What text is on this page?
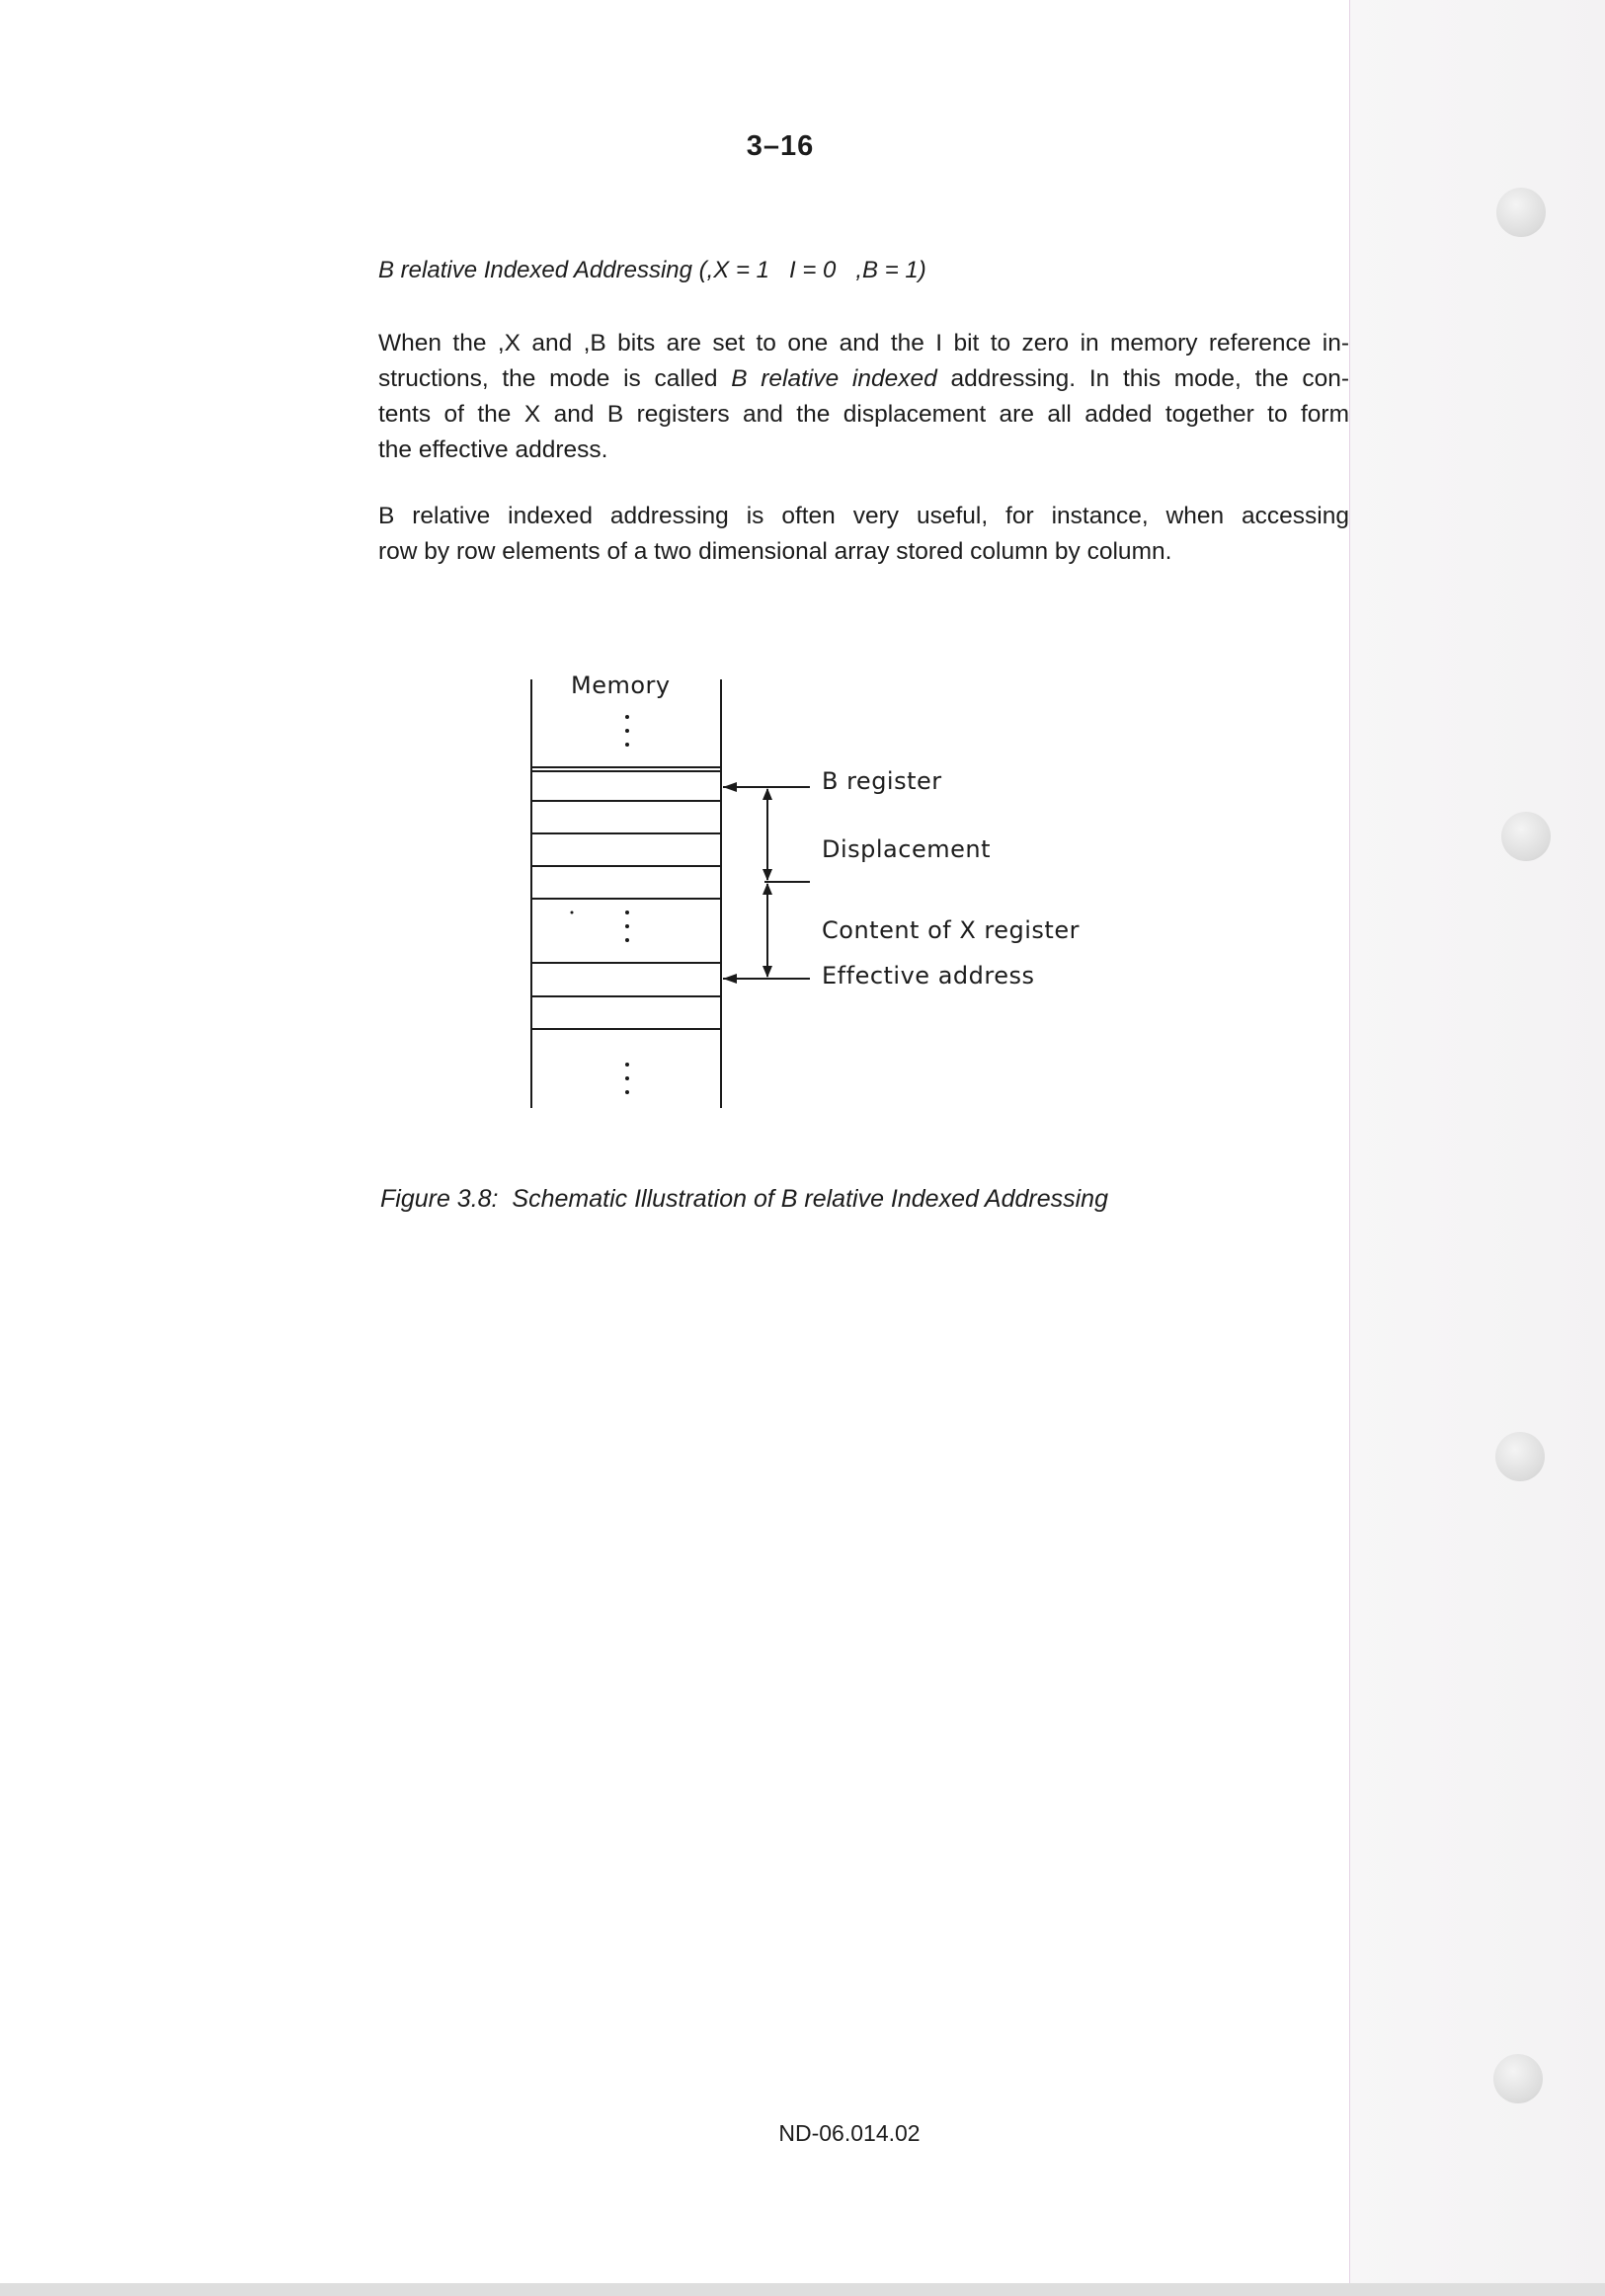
3–16
B relative Indexed Addressing (,X = 1   I = 0   ,B = 1)
When the ,X and ,B bits are set to one and the I bit to zero in memory reference in-
structions, the mode is called B relative indexed addressing. In this mode, the con-
tents of the X and B registers and the displacement are all added together to form
the effective address.
B relative indexed addressing is often very useful, for instance, when accessing
row by row elements of a two dimensional array stored column by column.
Memory
B register
Displacement
Content of X register
Effective address
Figure 3.8: Schematic Illustration of B relative Indexed Addressing
ND-06.014.02
